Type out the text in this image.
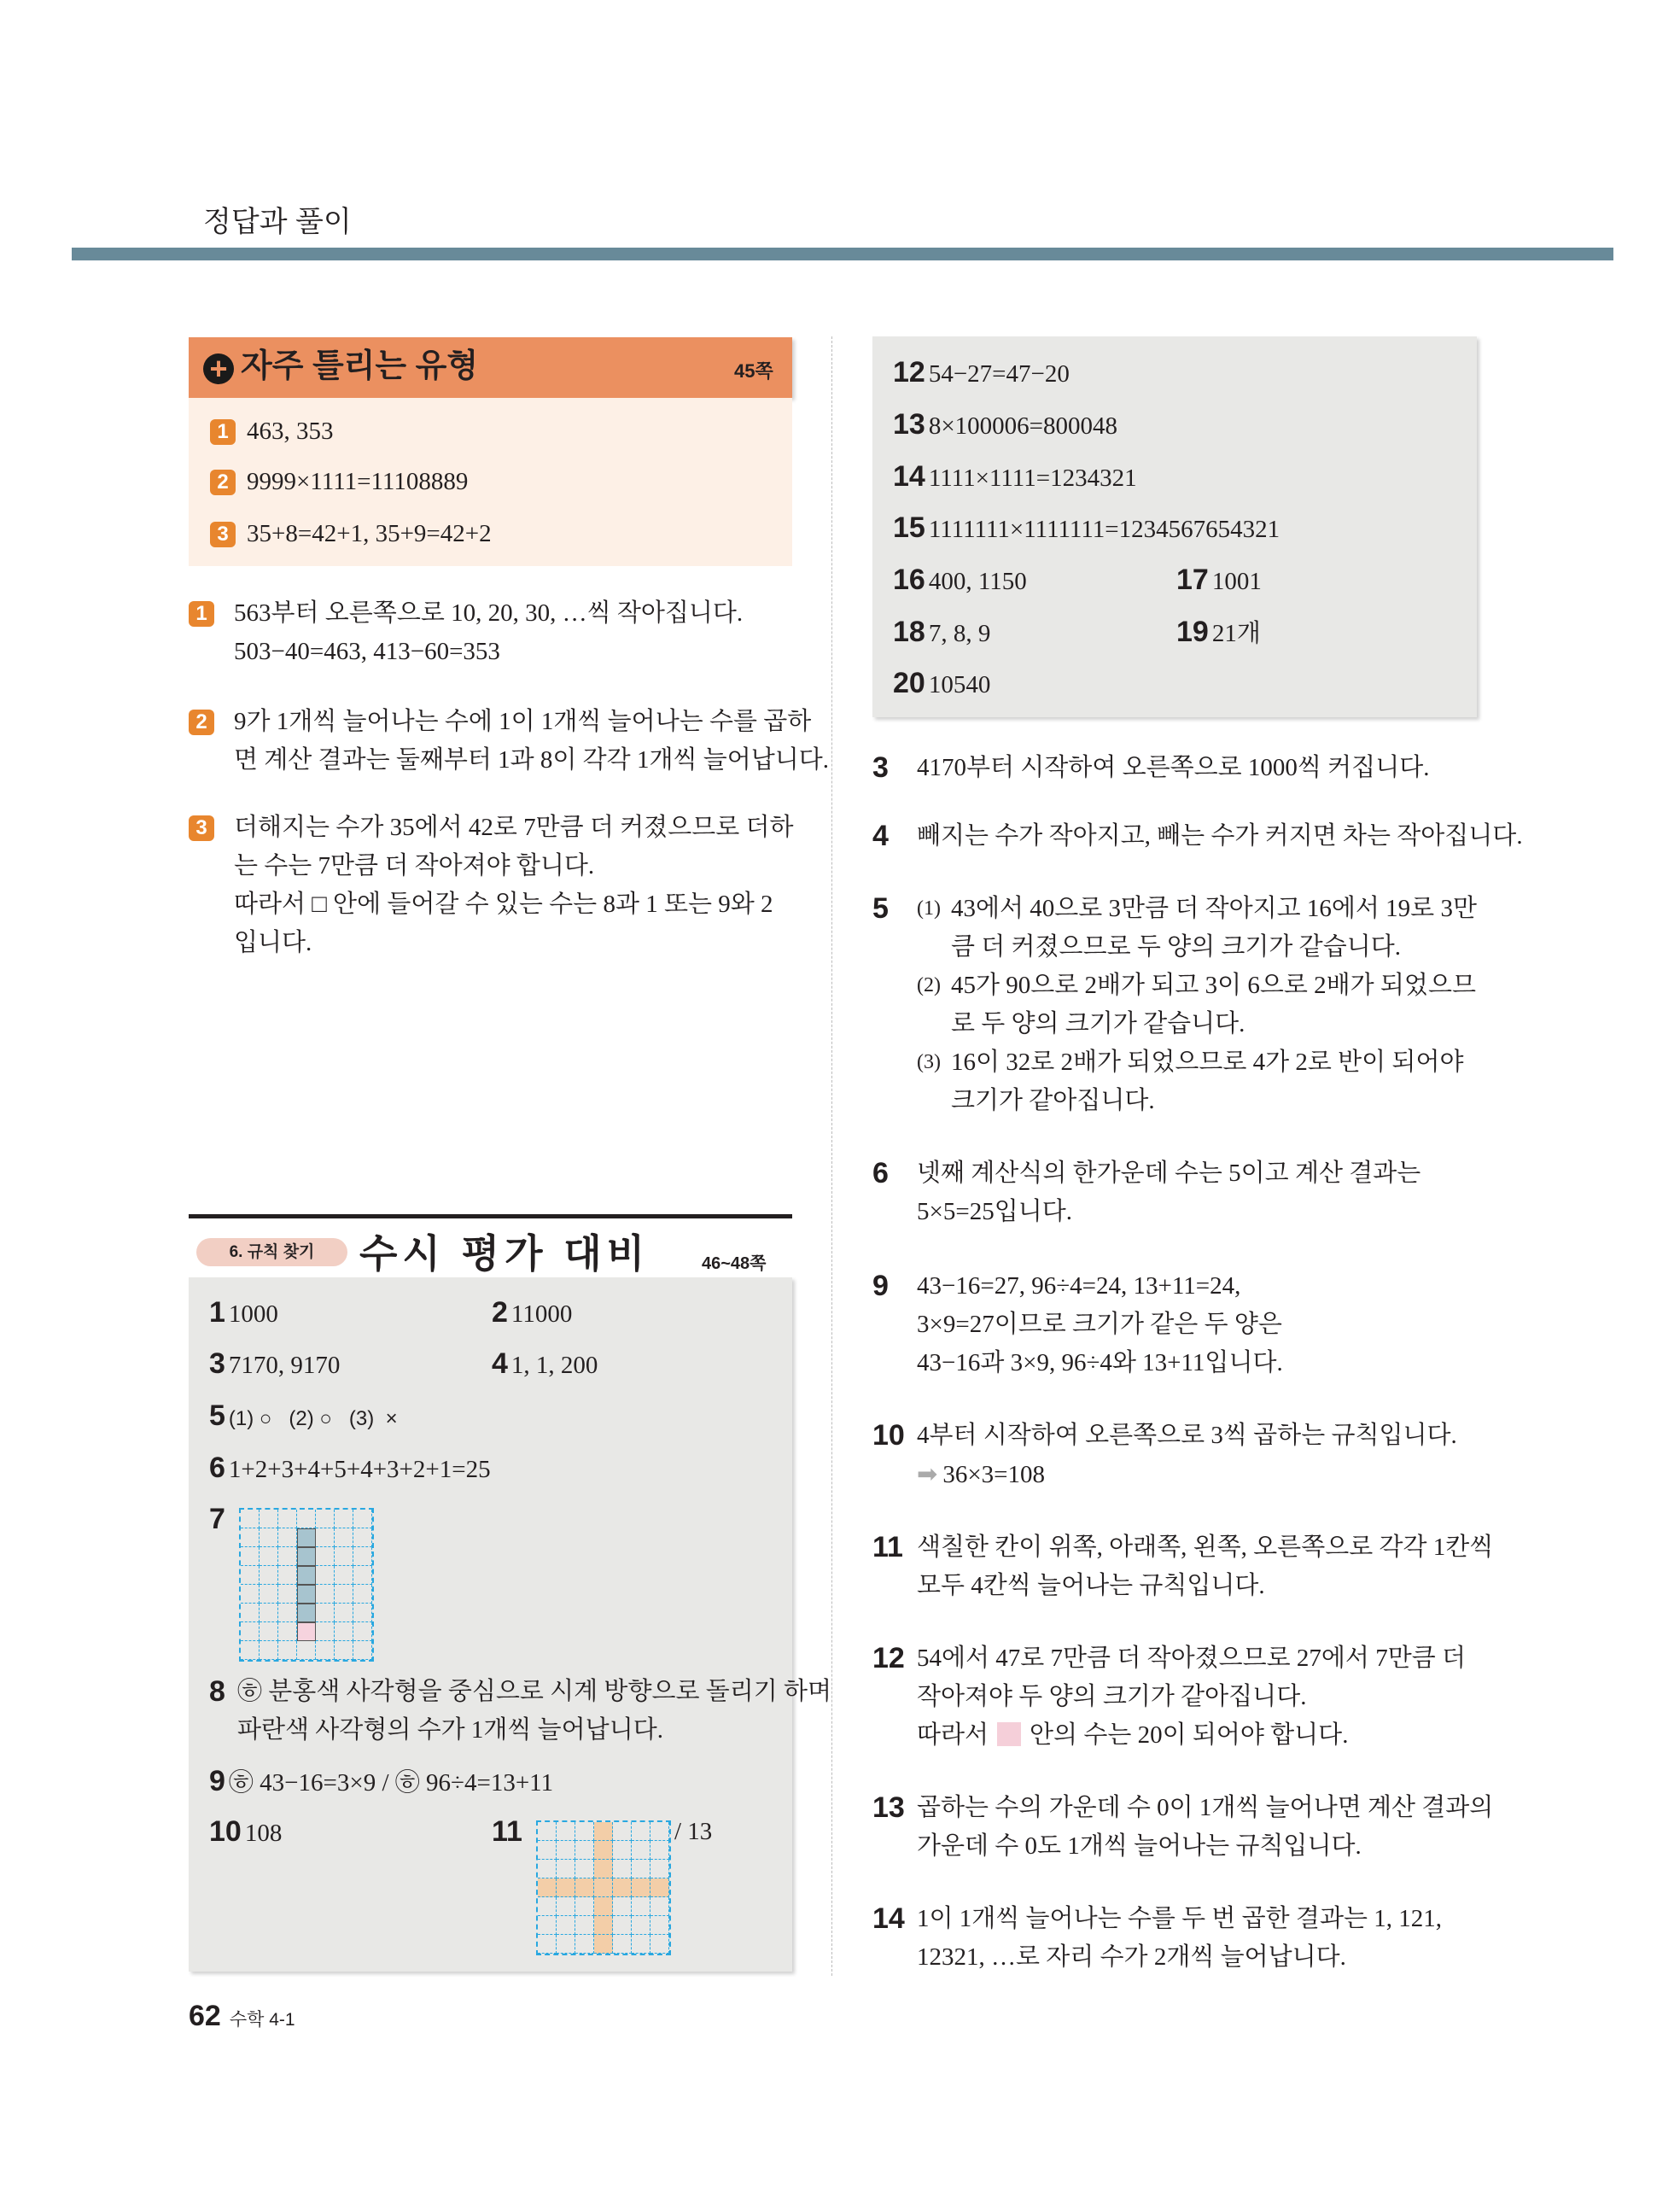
정답과 풀이
+ 자주 틀리는 유형	45쪽
1 463, 353
2 9999×1111=11108889
3 35+8=42+1, 35+9=42+2
1 563부터 오른쪽으로 10, 20, 30, …씩 작아집니다.
503−40=463, 413−60=353
2 9가 1개씩 늘어나는 수에 1이 1개씩 늘어나는 수를 곱하
면 계산 결과는 둘째부터 1과 8이 각각 1개씩 늘어납니다.
3 더해지는 수가 35에서 42로 7만큼 더 커졌으므로 더하
는 수는 7만큼 더 작아져야 합니다.
따라서 □ 안에 들어갈 수 있는 수는 8과 1 또는 9와 2
입니다.
6. 규칙 찾기	수시 평가 대비	46~48쪽
1 1000	2 11000
3 7170, 9170	4 1, 1, 200
5 (1) ○   (2) ○   (3)  ×
6 1+2+3+4+5+4+3+2+1=25
7
8 ㉭ 분홍색 사각형을 중심으로 시계 방향으로 돌리기 하며
파란색 사각형의 수가 1개씩 늘어납니다.
9 ㉭ 43−16=3×9 / ㉭ 96÷4=13+11
10 108	11	/ 13
12 54−27=47−20
13 8×100006=800048
14 1111×1111=1234321
15 1111111×1111111=1234567654321
16 400, 1150	17 1001
18 7, 8, 9	19 21개
20 10540
3 4170부터 시작하여 오른쪽으로 1000씩 커집니다.
4 빼지는 수가 작아지고, 빼는 수가 커지면 차는 작아집니다.
5 (1) 43에서 40으로 3만큼 더 작아지고 16에서 19로 3만
큼 더 커졌으므로 두 양의 크기가 같습니다.
(2) 45가 90으로 2배가 되고 3이 6으로 2배가 되었으므
로 두 양의 크기가 같습니다.
(3) 16이 32로 2배가 되었으므로 4가 2로 반이 되어야
크기가 같아집니다.
6 넷째 계산식의 한가운데 수는 5이고 계산 결과는
5×5=25입니다.
9 43−16=27, 96÷4=24, 13+11=24,
3×9=27이므로 크기가 같은 두 양은
43−16과 3×9, 96÷4와 13+11입니다.
10 4부터 시작하여 오른쪽으로 3씩 곱하는 규칙입니다.
➡ 36×3=108
11 색칠한 칸이 위쪽, 아래쪽, 왼쪽, 오른쪽으로 각각 1칸씩
모두 4칸씩 늘어나는 규칙입니다.
12 54에서 47로 7만큼 더 작아졌으므로 27에서 7만큼 더
작아져야 두 양의 크기가 같아집니다.
따라서 안의 수는 20이 되어야 합니다.
13 곱하는 수의 가운데 수 0이 1개씩 늘어나면 계산 결과의
가운데 수 0도 1개씩 늘어나는 규칙입니다.
14 1이 1개씩 늘어나는 수를 두 번 곱한 결과는 1, 121,
12321, …로 자리 수가 2개씩 늘어납니다.
62 수학 4-1
